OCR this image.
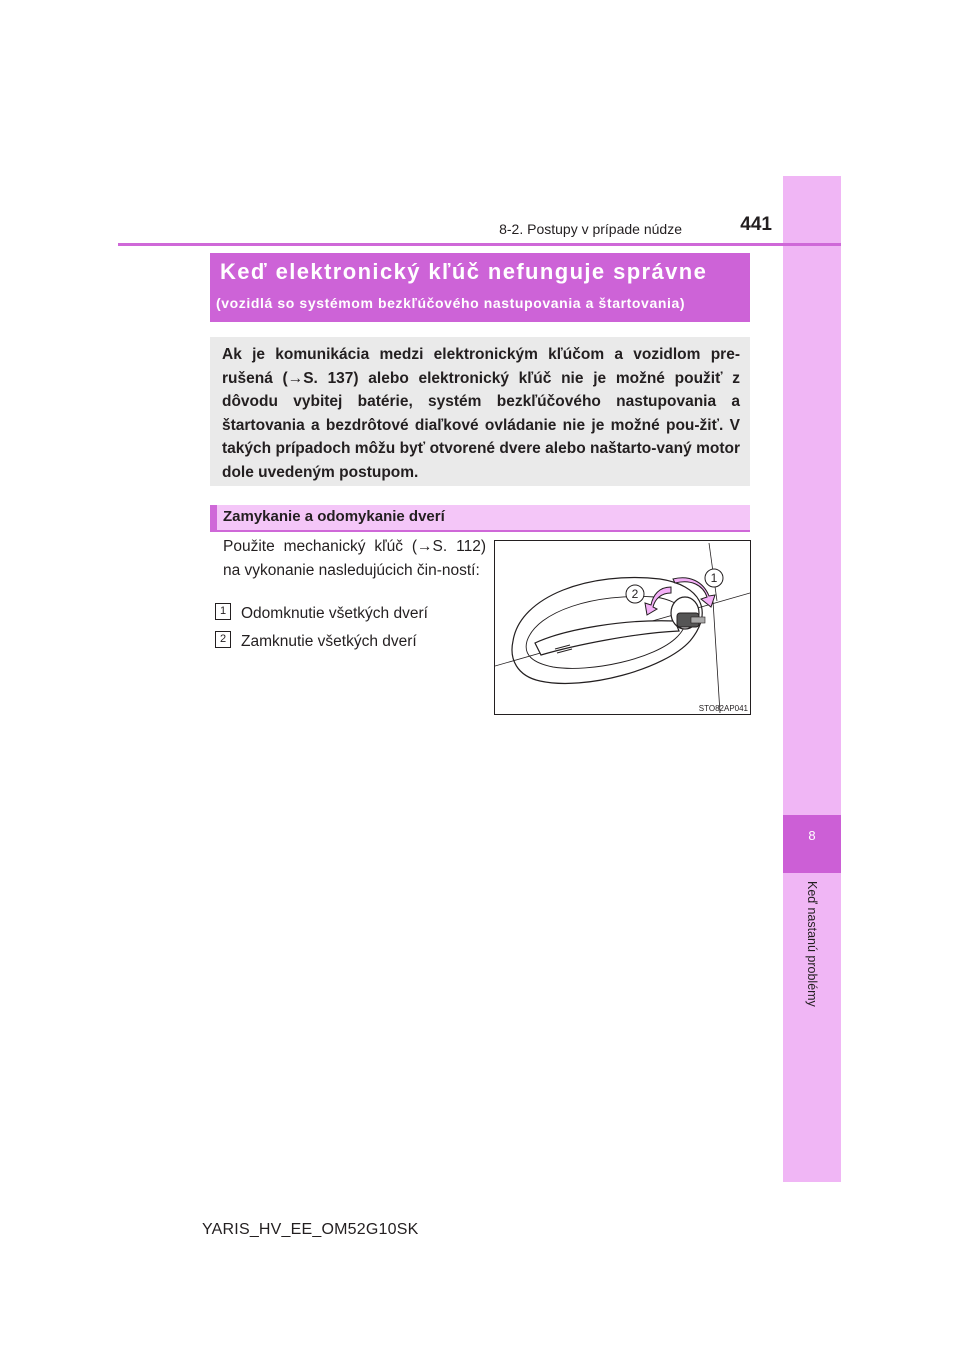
8
Keď nastanú problémy
8-2. Postupy v prípade núdze	441
Keď elektronický kľúč nefunguje správne
(vozidlá so systémom bezkľúčového nastupovania a štartovania)
Ak je komunikácia medzi elektronickým kľúčom a vozidlom pre-rušená (→S. 137) alebo elektronický kľúč nie je možné použiť z dôvodu vybitej batérie, systém bezkľúčového nastupovania a štartovania a bezdrôtové diaľkové ovládanie nie je možné pou-žiť. V takých prípadoch môžu byť otvorené dvere alebo naštarto-vaný motor dole uvedeným postupom.
Zamykanie a odomykanie dverí
Použite mechanický kľúč (→S. 112) na vykonanie nasledujúcich čin-ností:
1 Odomknutie všetkých dverí
2 Zamknutie všetkých dverí
1
2
STO82AP041
YARIS_HV_EE_OM52G10SK
